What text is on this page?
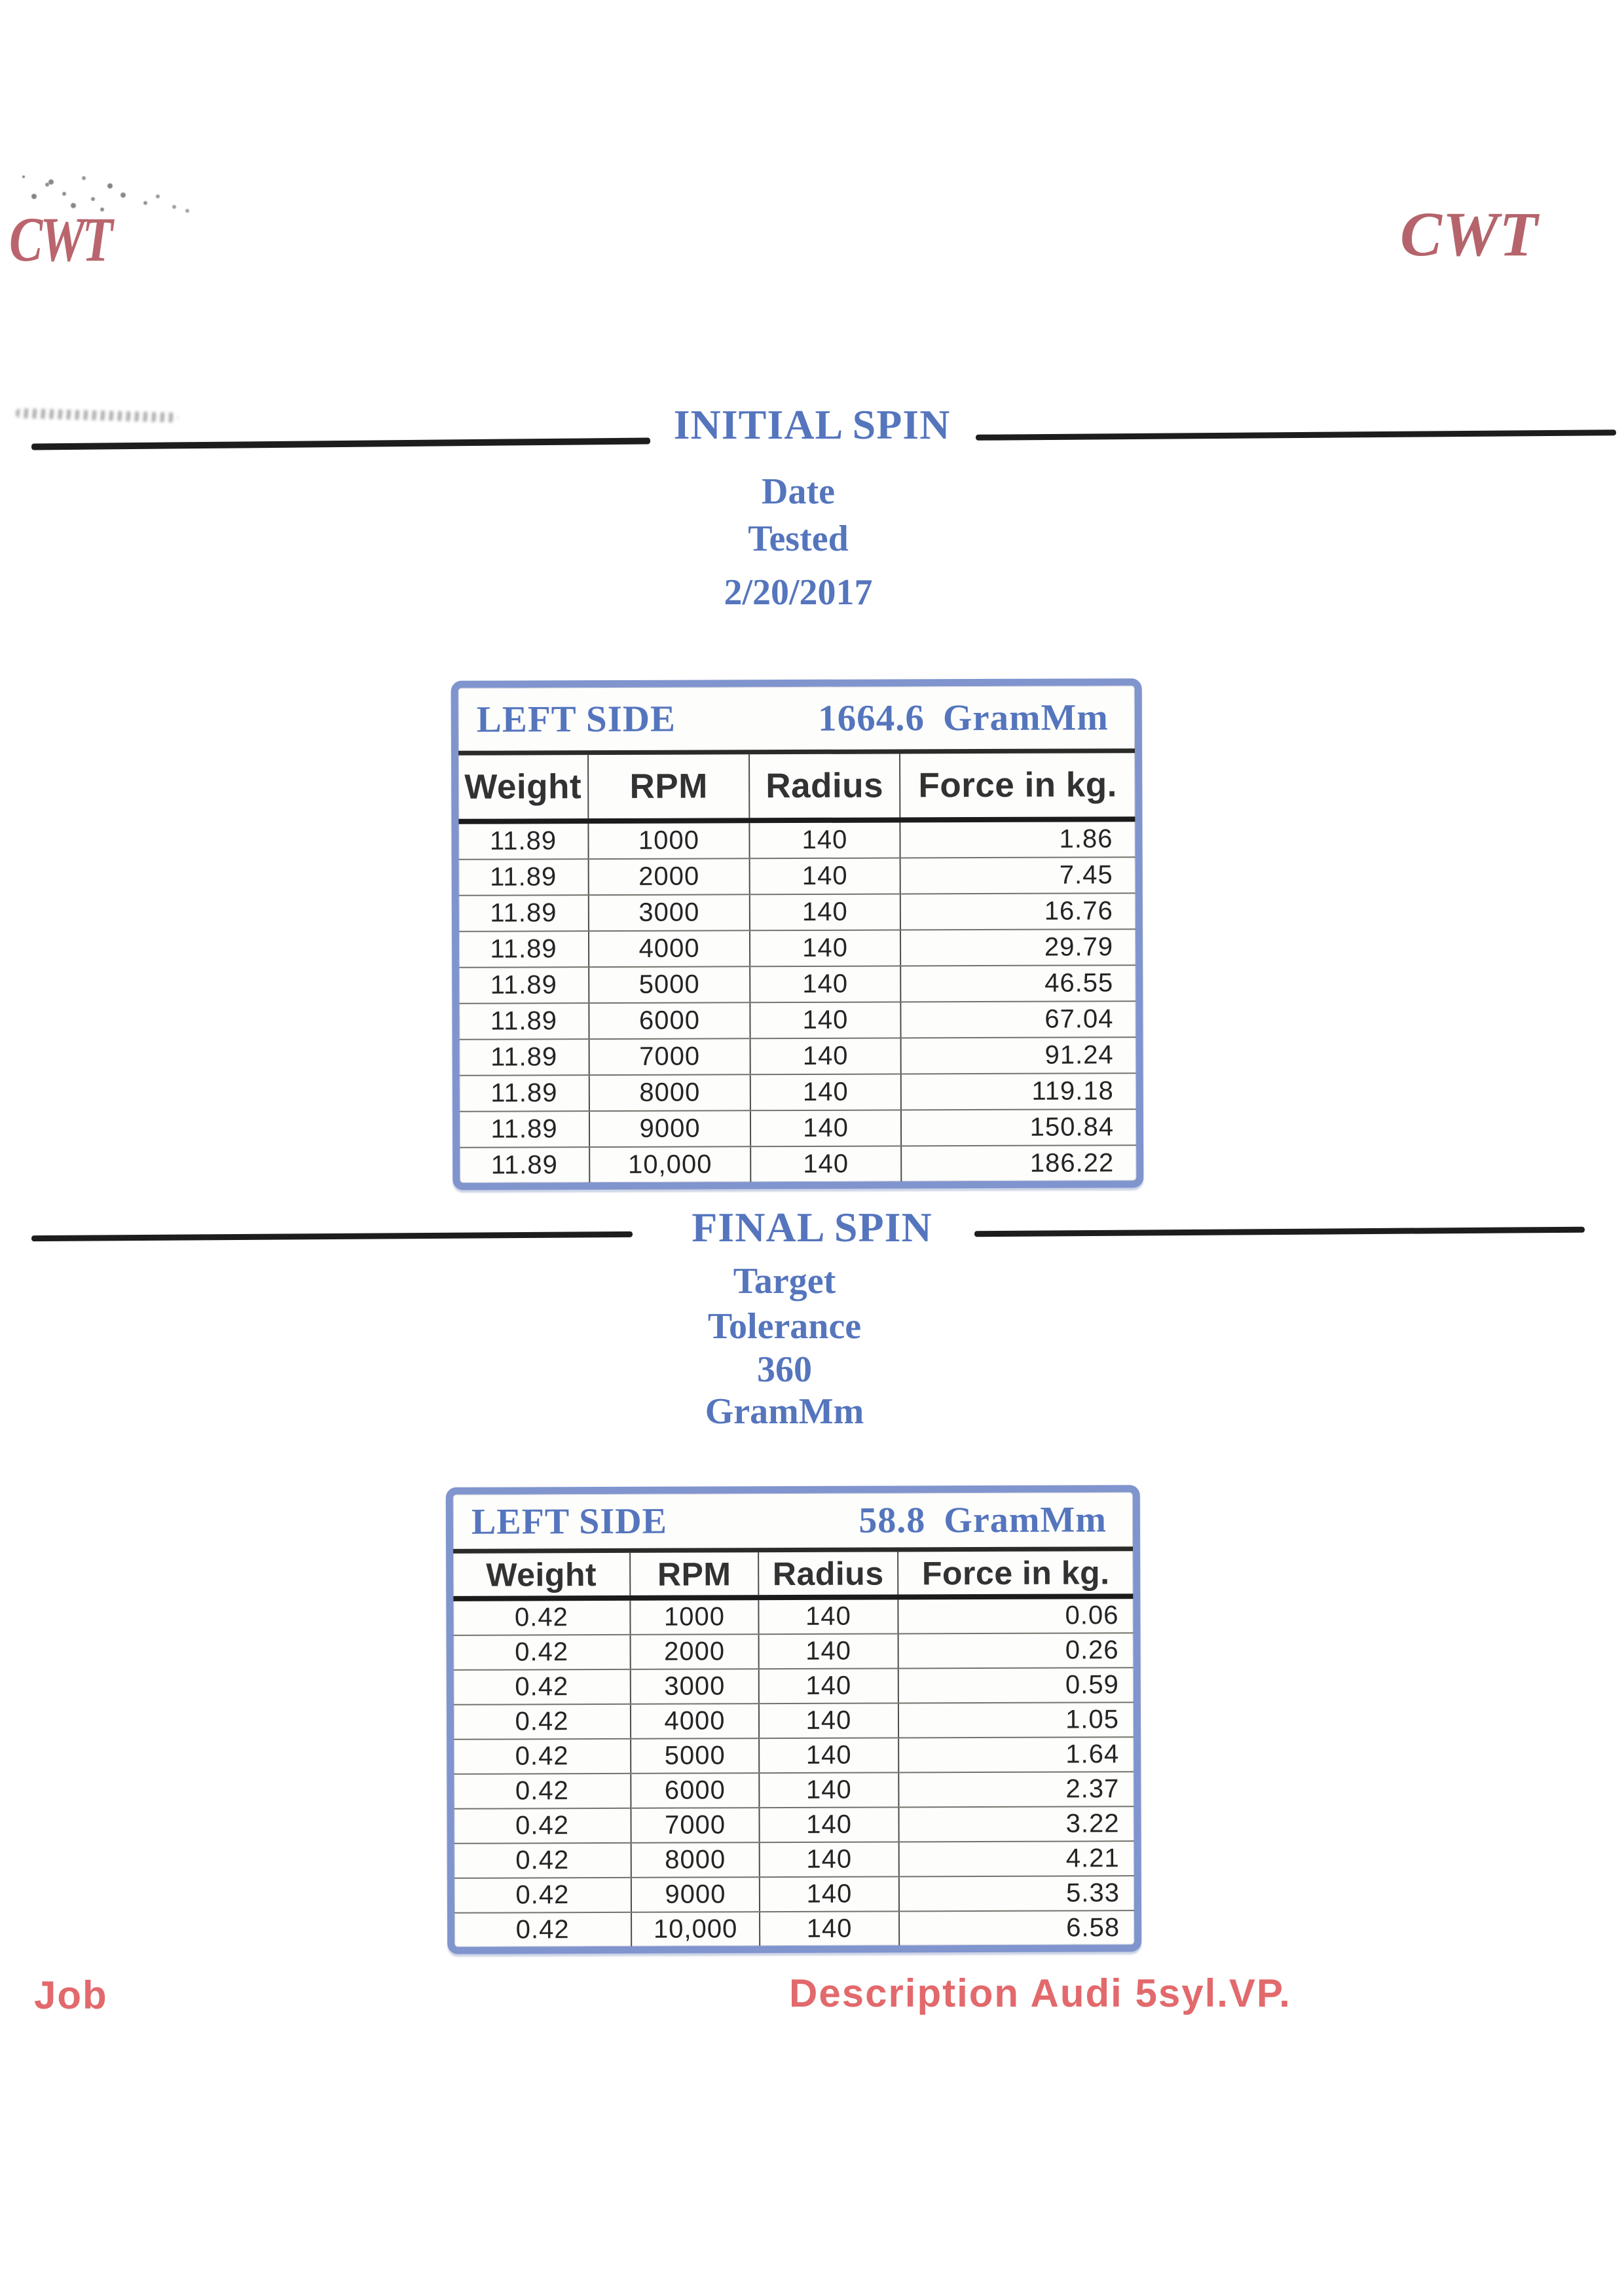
CWT	CWT
INITIAL SPIN
Date
Tested
2/20/2017
LEFT SIDE	1664.6 GramMm
Weight	RPM	Radius	Force in kg.
11.89	1000	140	1.86
11.89	2000	140	7.45
11.89	3000	140	16.76
11.89	4000	140	29.79
11.89	5000	140	46.55
11.89	6000	140	67.04
11.89	7000	140	91.24
11.89	8000	140	119.18
11.89	9000	140	150.84
11.89	10,000	140	186.22
FINAL SPIN
Target
Tolerance
360
GramMm
LEFT SIDE	58.8 GramMm
Weight	RPM	Radius	Force in kg.
0.42	1000	140	0.06
0.42	2000	140	0.26
0.42	3000	140	0.59
0.42	4000	140	1.05
0.42	5000	140	1.64
0.42	6000	140	2.37
0.42	7000	140	3.22
0.42	8000	140	4.21
0.42	9000	140	5.33
0.42	10,000	140	6.58
Job	Description Audi 5syl.VP.
